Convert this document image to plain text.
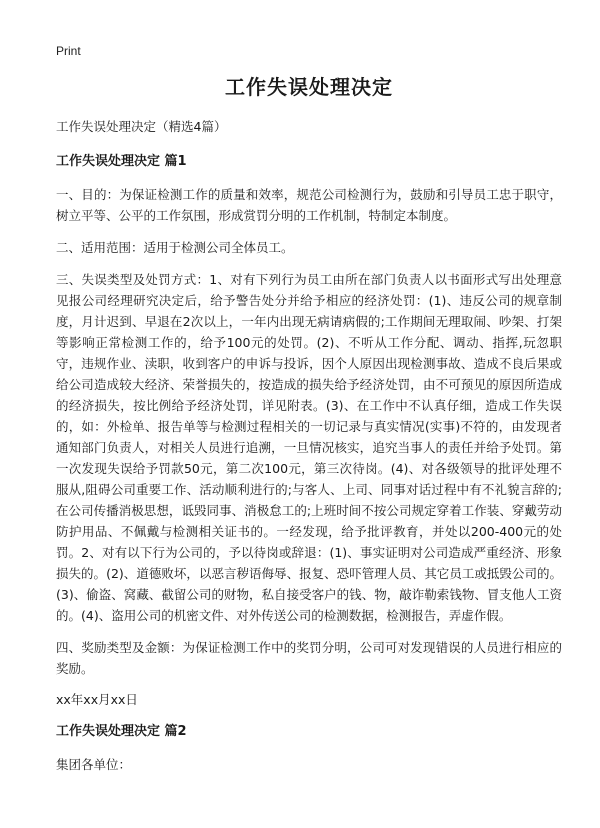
Print
工作失误处理决定
工作失误处理决定（精选4篇）
工作失误处理决定 篇1
一、目的：为保证检测工作的质量和效率，规范公司检测行为，鼓励和引导员工忠于职守，树立平等、公平的工作氛围，形成赏罚分明的工作机制，特制定本制度。
二、适用范围：适用于检测公司全体员工。
三、失误类型及处罚方式：1、对有下列行为员工由所在部门负责人以书面形式写出处理意见报公司经理研究决定后，给予警告处分并给予相应的经济处罚：(1)、违反公司的规章制度，月计迟到、早退在2次以上，一年内出现无病请病假的;工作期间无理取闹、吵架、打架等影响正常检测工作的，给予100元的处罚。(2)、不听从工作分配、调动、指挥,玩忽职守，违规作业、渎职，收到客户的申诉与投诉，因个人原因出现检测事故、造成不良后果或给公司造成较大经济、荣誉损失的，按造成的损失给予经济处罚，由不可预见的原因所造成的经济损失，按比例给予经济处罚，详见附表。(3)、在工作中不认真仔细，造成工作失误的，如：外检单、报告单等与检测过程相关的一切记录与真实情况(实事)不符的，由发现者通知部门负责人，对相关人员进行追溯，一旦情况核实，追究当事人的责任并给予处罚。第一次发现失误给予罚款50元，第二次100元，第三次待岗。(4)、对各级领导的批评处理不服从,阻碍公司重要工作、活动顺利进行的;与客人、上司、同事对话过程中有不礼貌言辞的;在公司传播消极思想，诋毁同事、消极怠工的;上班时间不按公司规定穿着工作装、穿戴劳动防护用品、不佩戴与检测相关证书的。一经发现，给予批评教育，并处以200-400元的处罚。2、对有以下行为公司的，予以待岗或辞退：(1)、事实证明对公司造成严重经济、形象损失的。(2)、道德败坏，以恶言秽语侮辱、报复、恐吓管理人员、其它员工或抵毁公司的。(3)、偷盗、窝藏、截留公司的财物，私自接受客户的钱、物，敲诈勒索钱物、冒支他人工资的。(4)、盗用公司的机密文件、对外传送公司的检测数据，检测报告，弄虚作假。
四、奖励类型及金额：为保证检测工作中的奖罚分明，公司可对发现错误的人员进行相应的奖励。
xx年xx月xx日
工作失误处理决定 篇2
集团各单位：
